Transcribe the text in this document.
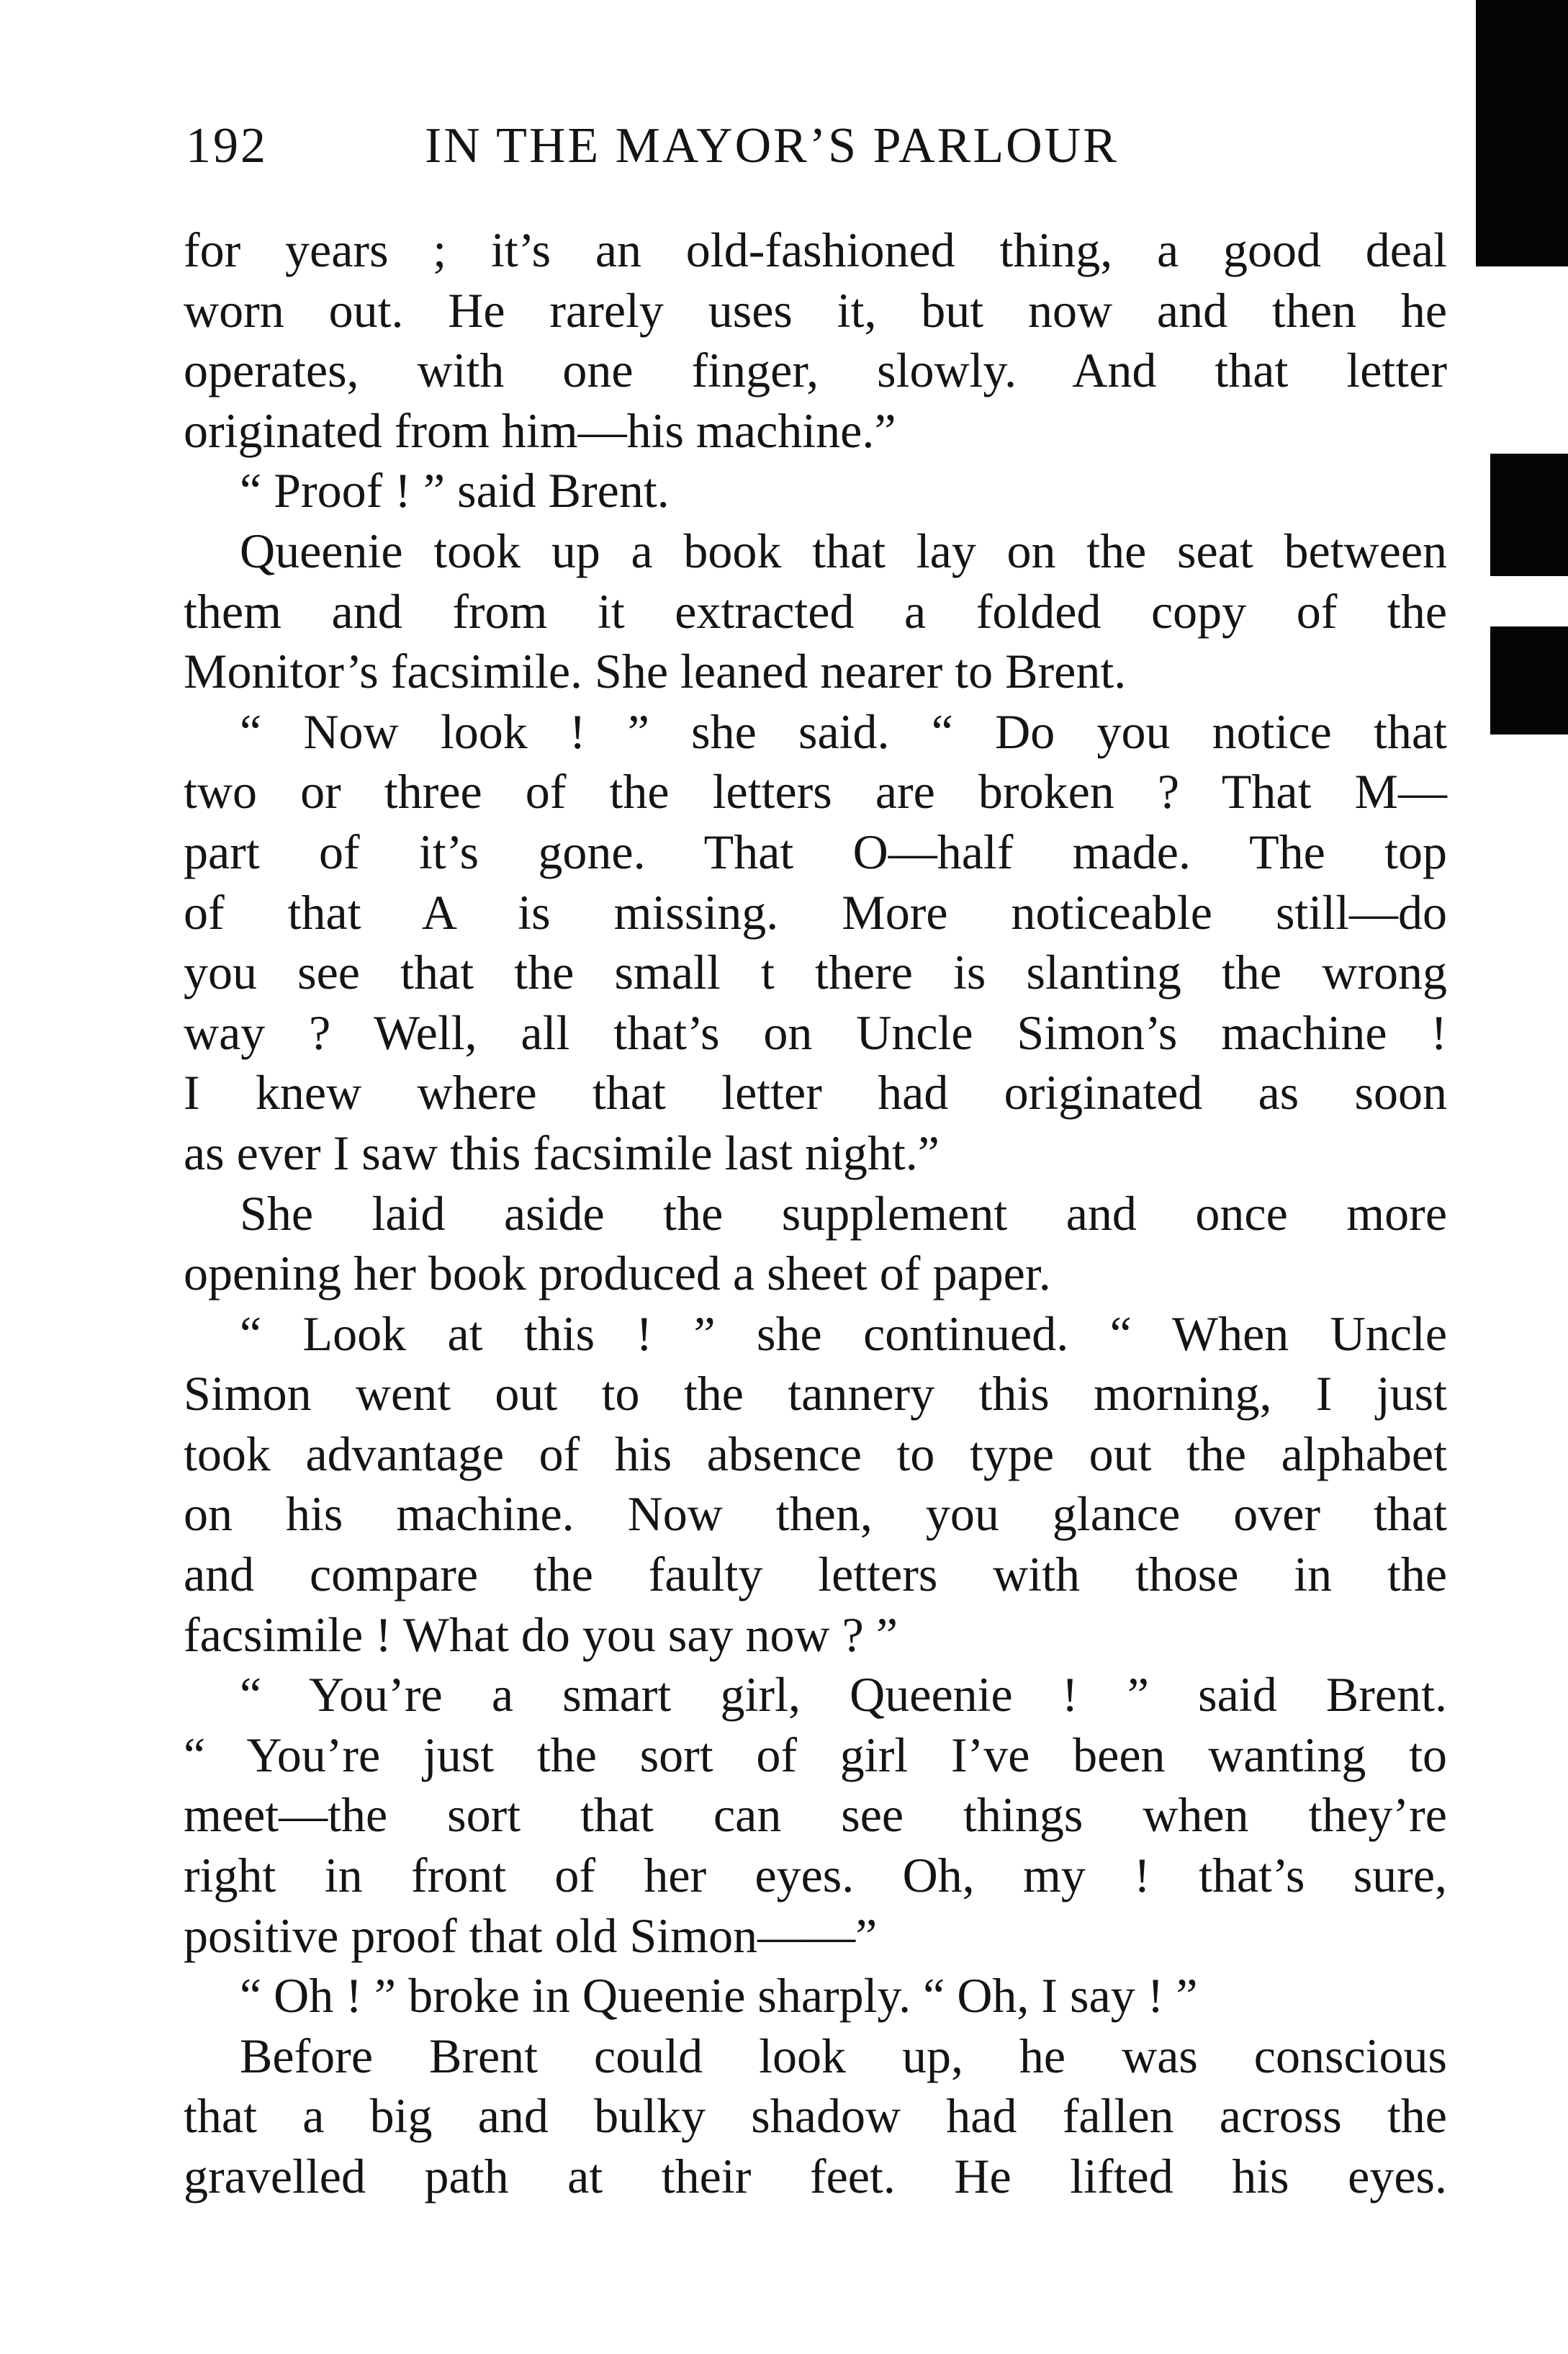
192	IN THE MAYOR’S PARLOUR
for years ; it’s an old-fashioned thing, a good deal
worn out. He rarely uses it, but now and then he
operates, with one finger, slowly. And that letter
originated from him—his machine.”
“ Proof ! ” said Brent.
Queenie took up a book that lay on the seat between
them and from it extracted a folded copy of the
Monitor’s facsimile. She leaned nearer to Brent.
“ Now look ! ” she said. “ Do you notice that
two or three of the letters are broken ? That M—
part of it’s gone. That O—half made. The top
of that A is missing. More noticeable still—do
you see that the small t there is slanting the wrong
way ? Well, all that’s on Uncle Simon’s machine !
I knew where that letter had originated as soon
as ever I saw this facsimile last night.”
She laid aside the supplement and once more
opening her book produced a sheet of paper.
“ Look at this ! ” she continued. “ When Uncle
Simon went out to the tannery this morning, I just
took advantage of his absence to type out the alphabet
on his machine. Now then, you glance over that
and compare the faulty letters with those in the
facsimile ! What do you say now ? ”
“ You’re a smart girl, Queenie ! ” said Brent.
“ You’re just the sort of girl I’ve been wanting to
meet—the sort that can see things when they’re
right in front of her eyes. Oh, my ! that’s sure,
positive proof that old Simon——”
“ Oh ! ” broke in Queenie sharply. “ Oh, I say ! ”
Before Brent could look up, he was conscious
that a big and bulky shadow had fallen across the
gravelled path at their feet. He lifted his eyes.
